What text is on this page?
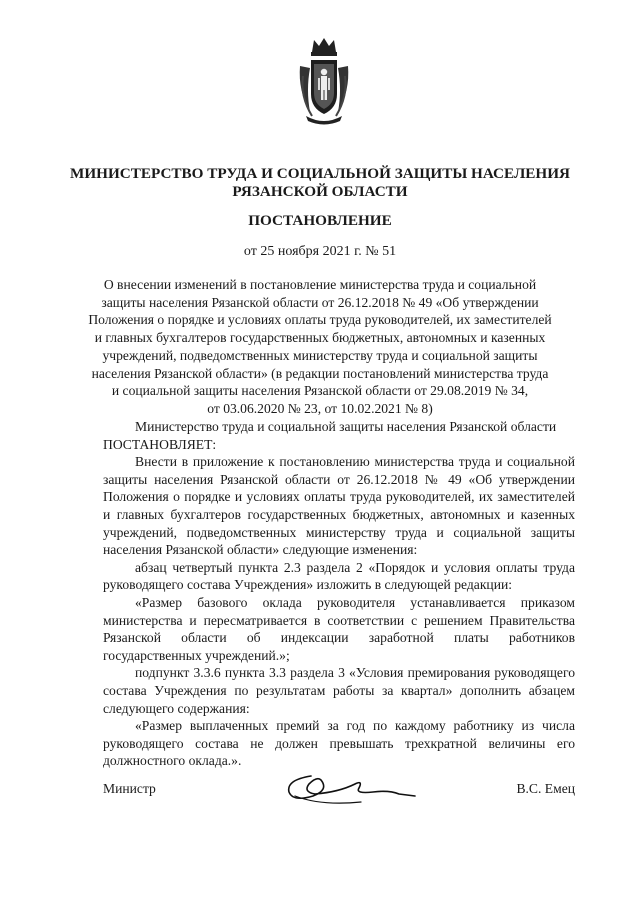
МИНИСТЕРСТВО ТРУДА И СОЦИАЛЬНОЙ ЗАЩИТЫ НАСЕЛЕНИЯ
РЯЗАНСКОЙ ОБЛАСТИ
ПОСТАНОВЛЕНИЕ
от 25 ноября 2021 г. № 51
О внесении изменений в постановление министерства труда и социальной
защиты населения Рязанской области от 26.12.2018 № 49 «Об утверждении
Положения о порядке и условиях оплаты труда руководителей, их заместителей
и главных бухгалтеров государственных бюджетных, автономных и казенных
учреждений, подведомственных министерству труда и социальной защиты
населения Рязанской области» (в редакции постановлений министерства труда
и социальной защиты населения Рязанской области от 29.08.2019 № 34,
от 03.06.2020 № 23, от 10.02.2021 № 8)

Министерство труда и социальной защиты населения Рязанской области

ПОСТАНОВЛЯЕТ:

Внести в приложение к постановлению министерства труда и социальной защиты населения Рязанской области от 26.12.2018 № 49 «Об утверждении Положения о порядке и условиях оплаты труда руководителей, их заместителей и главных бухгалтеров государственных бюджетных, автономных и казенных учреждений, подведомственных министерству труда и социальной защиты населения Рязанской области» следующие изменения:

абзац четвертый пункта 2.3 раздела 2 «Порядок и условия оплаты труда руководящего состава Учреждения» изложить в следующей редакции:

«Размер базового оклада руководителя устанавливается приказом министерства и пересматривается в соответствии с решением Правительства Рязанской области об индексации заработной платы работников государственных учреждений.»;

подпункт 3.3.6 пункта 3.3 раздела 3 «Условия премирования руководящего состава Учреждения по результатам работы за квартал» дополнить абзацем следующего содержания:

«Размер выплаченных премий за год по каждому работнику из числа руководящего состава не должен превышать трехкратной величины его должностного оклада.».

Министр	В.С. Емец
